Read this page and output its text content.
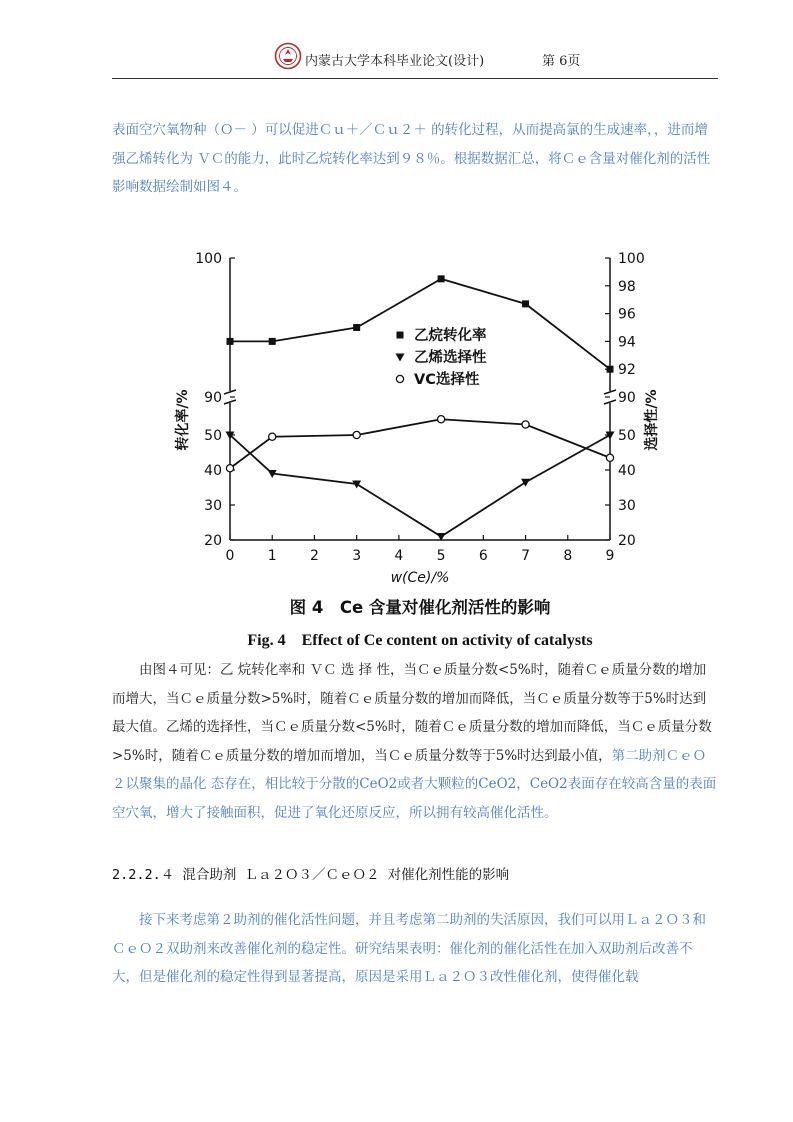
内蒙古大学本科毕业论文(设计)	第 6页

表面空穴氧物种（Ｏ－ ）可以促进Ｃｕ＋／Ｃｕ２＋ 的转化过程，从而提高氯的生成速率，，进而增强乙烯转化为 ＶＣ的能力，此时乙烷转化率达到９８％。根据数据汇总，将Ｃｅ含量对催化剂的活性影响数据绘制如图４。

0 1 2 3 4 5 6 7 8 9
90
100
90
92
94
96
98
100
20	20
30	30
40	40
50	50
转化率/%	选择性/%
w(Ce)/%
乙烷转化率
乙烯选择性
VC选择性
图 4　Ce 含量对催化剂活性的影响
Fig. 4　Effect of Ce content on activity of catalysts
由图４可见：乙 烷转化率和 ＶＣ 选 择 性，当Ｃｅ质量分数<5%时，随着Ｃｅ质量分数的增加而增大，当Ｃｅ质量分数>5%时，随着Ｃｅ质量分数的增加而降低，当Ｃｅ质量分数等于5%时达到最大值。乙烯的选择性，当Ｃｅ质量分数<5%时，随着Ｃｅ质量分数的增加而降低，当Ｃｅ质量分数>5%时，随着Ｃｅ质量分数的增加而增加，当Ｃｅ质量分数等于5%时达到最小值，第二助剂ＣｅＯ２以聚集的晶化 态存在，相比较于分散的CeO2或者大颗粒的CeO2，CeO2表面存在较高含量的表面空穴氧，增大了接触面积，促进了氧化还原反应，所以拥有较高催化活性。
2.2.2.４ 混合助剂 Ｌａ２Ｏ３／ＣｅＯ２ 对催化剂性能的影响

接下来考虑第２助剂的催化活性问题，并且考虑第二助剂的失活原因，我们可以用Ｌａ２Ｏ３和ＣｅＯ２双助剂来改善催化剂的稳定性。研究结果表明：催化剂的催化活性在加入双助剂后改善不大，但是催化剂的稳定性得到显著提高，原因是采用Ｌａ２Ｏ３改性催化剂，使得催化载
